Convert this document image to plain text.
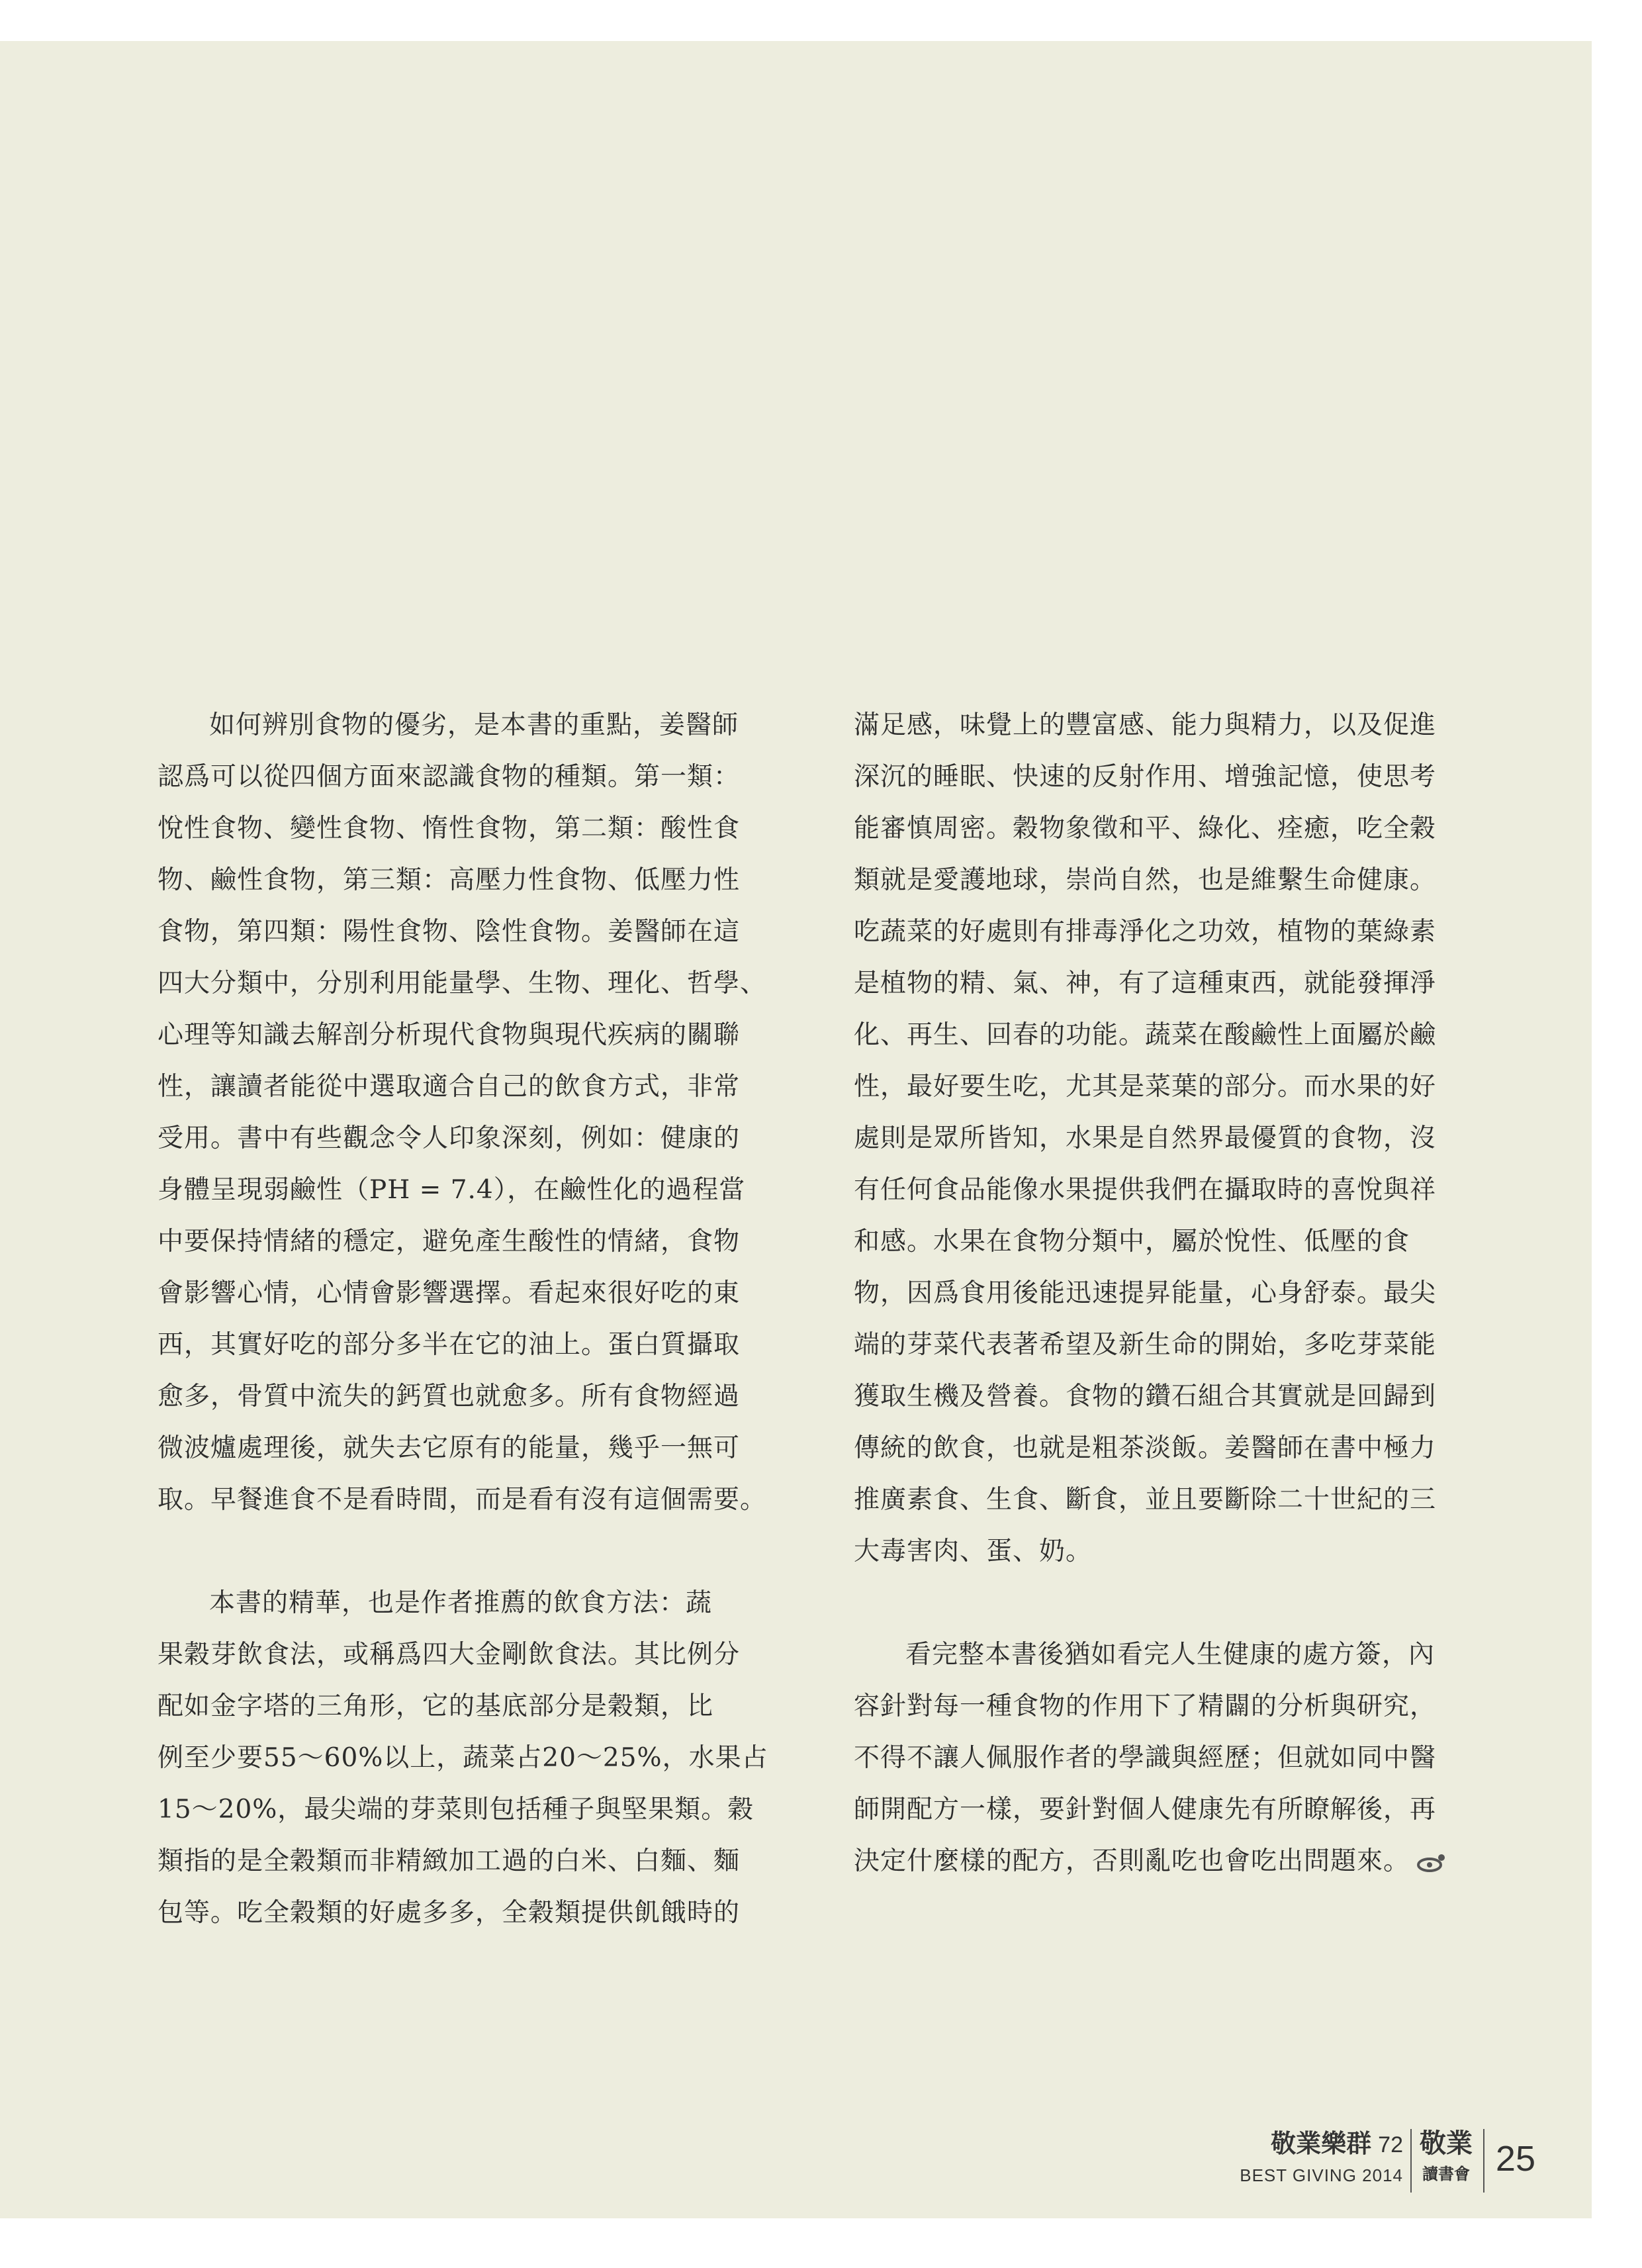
如何辨別食物的優劣，是本書的重點，姜醫師
認爲可以從四個方面來認識食物的種類。第一類：
悅性食物、變性食物、惰性食物，第二類：酸性食
物、鹼性食物，第三類：高壓力性食物、低壓力性
食物，第四類：陽性食物、陰性食物。姜醫師在這
四大分類中，分別利用能量學、生物、理化、哲學、
心理等知識去解剖分析現代食物與現代疾病的關聯
性，讓讀者能從中選取適合自己的飲食方式，非常
受用。書中有些觀念令人印象深刻，例如：健康的
身體呈現弱鹼性（PH = 7.4），在鹼性化的過程當
中要保持情緒的穩定，避免產生酸性的情緒，食物
會影響心情，心情會影響選擇。看起來很好吃的東
西，其實好吃的部分多半在它的油上。蛋白質攝取
愈多，骨質中流失的鈣質也就愈多。所有食物經過
微波爐處理後，就失去它原有的能量，幾乎一無可
取。早餐進食不是看時間，而是看有沒有這個需要。

本書的精華，也是作者推薦的飲食方法：蔬
果穀芽飲食法，或稱爲四大金剛飲食法。其比例分
配如金字塔的三角形，它的基底部分是穀類，比
例至少要55～60%以上，蔬菜占20～25%，水果占
15～20%，最尖端的芽菜則包括種子與堅果類。穀
類指的是全穀類而非精緻加工過的白米、白麵、麵
包等。吃全穀類的好處多多，全穀類提供飢餓時的

滿足感，味覺上的豐富感、能力與精力，以及促進
深沉的睡眠、快速的反射作用、增強記憶，使思考
能審慎周密。穀物象徵和平、綠化、痊癒，吃全穀
類就是愛護地球，崇尚自然，也是維繫生命健康。
吃蔬菜的好處則有排毒淨化之功效，植物的葉綠素
是植物的精、氣、神，有了這種東西，就能發揮淨
化、再生、回春的功能。蔬菜在酸鹼性上面屬於鹼
性，最好要生吃，尤其是菜葉的部分。而水果的好
處則是眾所皆知，水果是自然界最優質的食物，沒
有任何食品能像水果提供我們在攝取時的喜悅與祥
和感。水果在食物分類中，屬於悅性、低壓的食
物，因爲食用後能迅速提昇能量，心身舒泰。最尖
端的芽菜代表著希望及新生命的開始，多吃芽菜能
獲取生機及營養。食物的鑽石組合其實就是回歸到
傳統的飲食，也就是粗茶淡飯。姜醫師在書中極力
推廣素食、生食、斷食，並且要斷除二十世紀的三
大毒害肉、蛋、奶。

看完整本書後猶如看完人生健康的處方簽，內
容針對每一種食物的作用下了精闢的分析與研究，
不得不讓人佩服作者的學識與經歷；但就如同中醫
師開配方一樣，要針對個人健康先有所瞭解後，再
決定什麼樣的配方，否則亂吃也會吃出問題來。

敬業樂群 72
BEST GIVING 2014
敬業
讀書會 25
